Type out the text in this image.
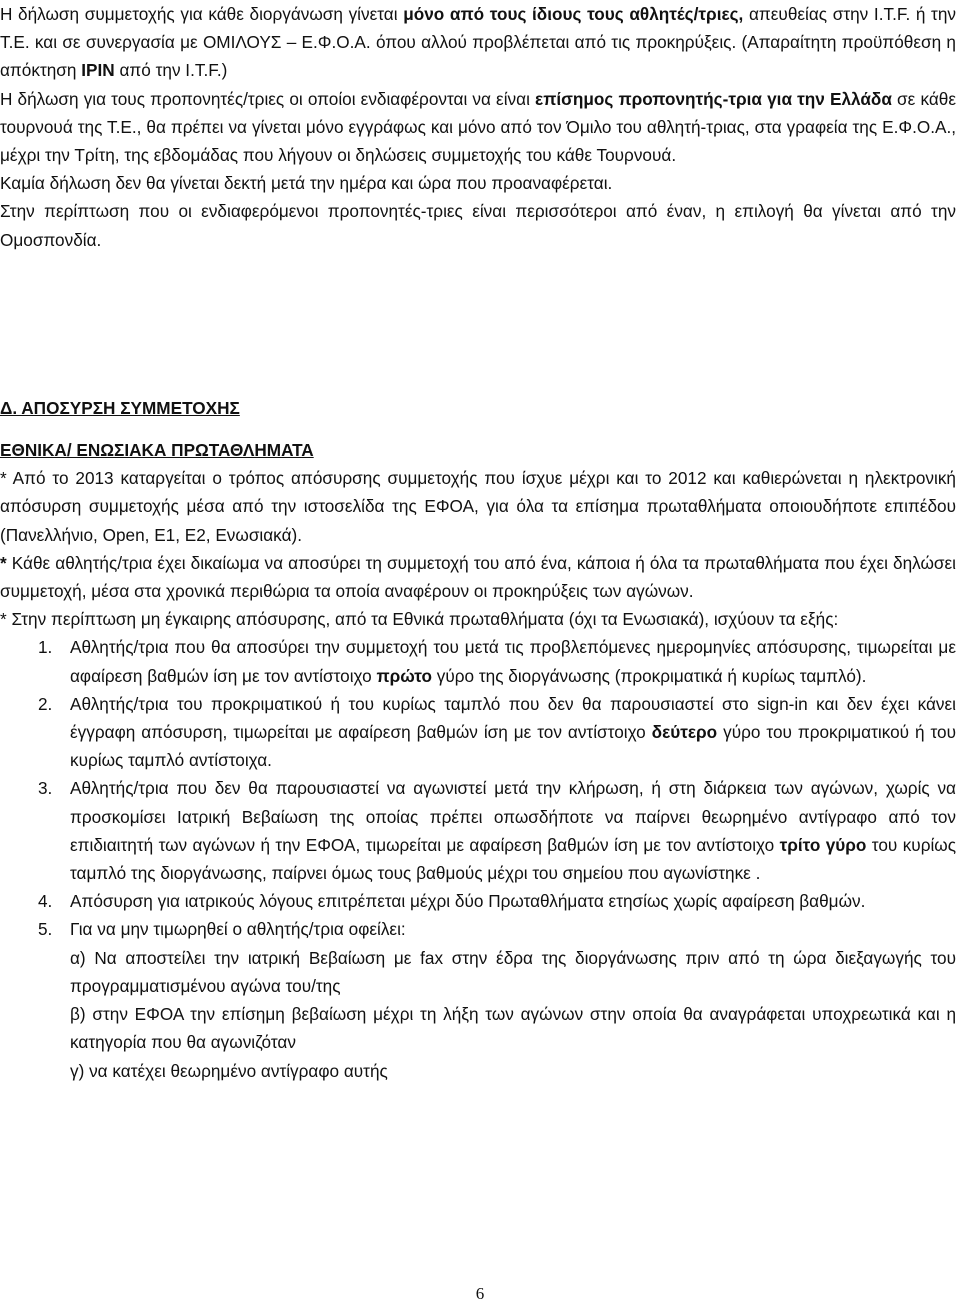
Η δήλωση συμμετοχής για κάθε διοργάνωση γίνεται μόνο από τους ίδιους τους αθλητές/τριες, απευθείας στην Ι.Τ.F. ή την Τ.Ε. και σε συνεργασία με ΟΜΙΛΟΥΣ – Ε.Φ.Ο.Α. όπου αλλού προβλέπεται από τις προκηρύξεις. (Απαραίτητη προϋπόθεση η απόκτηση IPIN από την I.T.F.)

Η δήλωση για τους προπονητές/τριες οι οποίοι ενδιαφέρονται να είναι επίσημος προπονητής-τρια για την Ελλάδα σε κάθε τουρνουά της Τ.Ε., θα πρέπει να γίνεται μόνο εγγράφως και μόνο από τον Όμιλο του αθλητή-τριας, στα γραφεία της Ε.Φ.Ο.Α., μέχρι την Τρίτη, της εβδομάδας που λήγουν οι δηλώσεις συμμετοχής του κάθε Τουρνουά.

Καμία δήλωση δεν θα γίνεται δεκτή μετά την ημέρα και ώρα που προαναφέρεται.

Στην περίπτωση που οι ενδιαφερόμενοι προπονητές-τριες είναι περισσότεροι από έναν, η επιλογή θα γίνεται από την Ομοσπονδία.

Δ. ΑΠΟΣΥΡΣΗ ΣΥΜΜΕΤΟΧΗΣ

ΕΘΝΙΚΑ/ ΕΝΩΣΙΑΚΑ ΠΡΩΤΑΘΛΗΜΑΤΑ

* Από το 2013 καταργείται ο τρόπος απόσυρσης συμμετοχής που ίσχυε μέχρι και το 2012 και καθιερώνεται η ηλεκτρονική απόσυρση συμμετοχής μέσα από την ιστοσελίδα της ΕΦΟΑ, για όλα τα επίσημα πρωταθλήματα οποιουδήποτε επιπέδου (Πανελλήνιο, Open, E1, E2, Ενωσιακά).

* Κάθε αθλητής/τρια έχει δικαίωμα να αποσύρει τη συμμετοχή του από ένα, κάποια ή όλα τα πρωταθλήματα που έχει δηλώσει συμμετοχή, μέσα στα χρονικά περιθώρια τα οποία αναφέρουν οι προκηρύξεις των αγώνων.

* Στην περίπτωση μη έγκαιρης απόσυρσης, από τα Εθνικά πρωταθλήματα (όχι τα Ενωσιακά), ισχύουν τα εξής:

1. Αθλητής/τρια που θα αποσύρει την συμμετοχή του μετά τις προβλεπόμενες ημερομηνίες απόσυρσης, τιμωρείται με αφαίρεση βαθμών ίση με τον αντίστοιχο πρώτο γύρο της διοργάνωσης (προκριματικά ή κυρίως ταμπλό).
2. Αθλητής/τρια του προκριματικού ή του κυρίως ταμπλό που δεν θα παρουσιαστεί στο sign-in και δεν έχει κάνει έγγραφη απόσυρση, τιμωρείται με αφαίρεση βαθμών ίση με τον αντίστοιχο δεύτερο γύρο του προκριματικού ή του κυρίως ταμπλό αντίστοιχα.
3. Αθλητής/τρια που δεν θα παρουσιαστεί να αγωνιστεί μετά την κλήρωση, ή στη διάρκεια των αγώνων, χωρίς να προσκομίσει Ιατρική Βεβαίωση της οποίας πρέπει οπωσδήποτε να παίρνει θεωρημένο αντίγραφο από τον επιδιαιτητή των αγώνων ή την ΕΦΟΑ, τιμωρείται με αφαίρεση βαθμών ίση με τον αντίστοιχο τρίτο γύρο του κυρίως ταμπλό της διοργάνωσης, παίρνει όμως τους βαθμούς μέχρι του σημείου που αγωνίστηκε .
4. Απόσυρση για ιατρικούς λόγους επιτρέπεται μέχρι δύο Πρωταθλήματα ετησίως χωρίς αφαίρεση βαθμών.
5. Για να μην τιμωρηθεί ο αθλητής/τρια οφείλει:

α) Να αποστείλει την ιατρική Βεβαίωση με fax στην έδρα της διοργάνωσης πριν από τη ώρα διεξαγωγής του προγραμματισμένου αγώνα του/της

β) στην ΕΦΟΑ την επίσημη βεβαίωση μέχρι τη λήξη των αγώνων στην οποία θα αναγράφεται υποχρεωτικά και η κατηγορία που θα αγωνιζόταν

γ) να κατέχει θεωρημένο αντίγραφο αυτής

6
